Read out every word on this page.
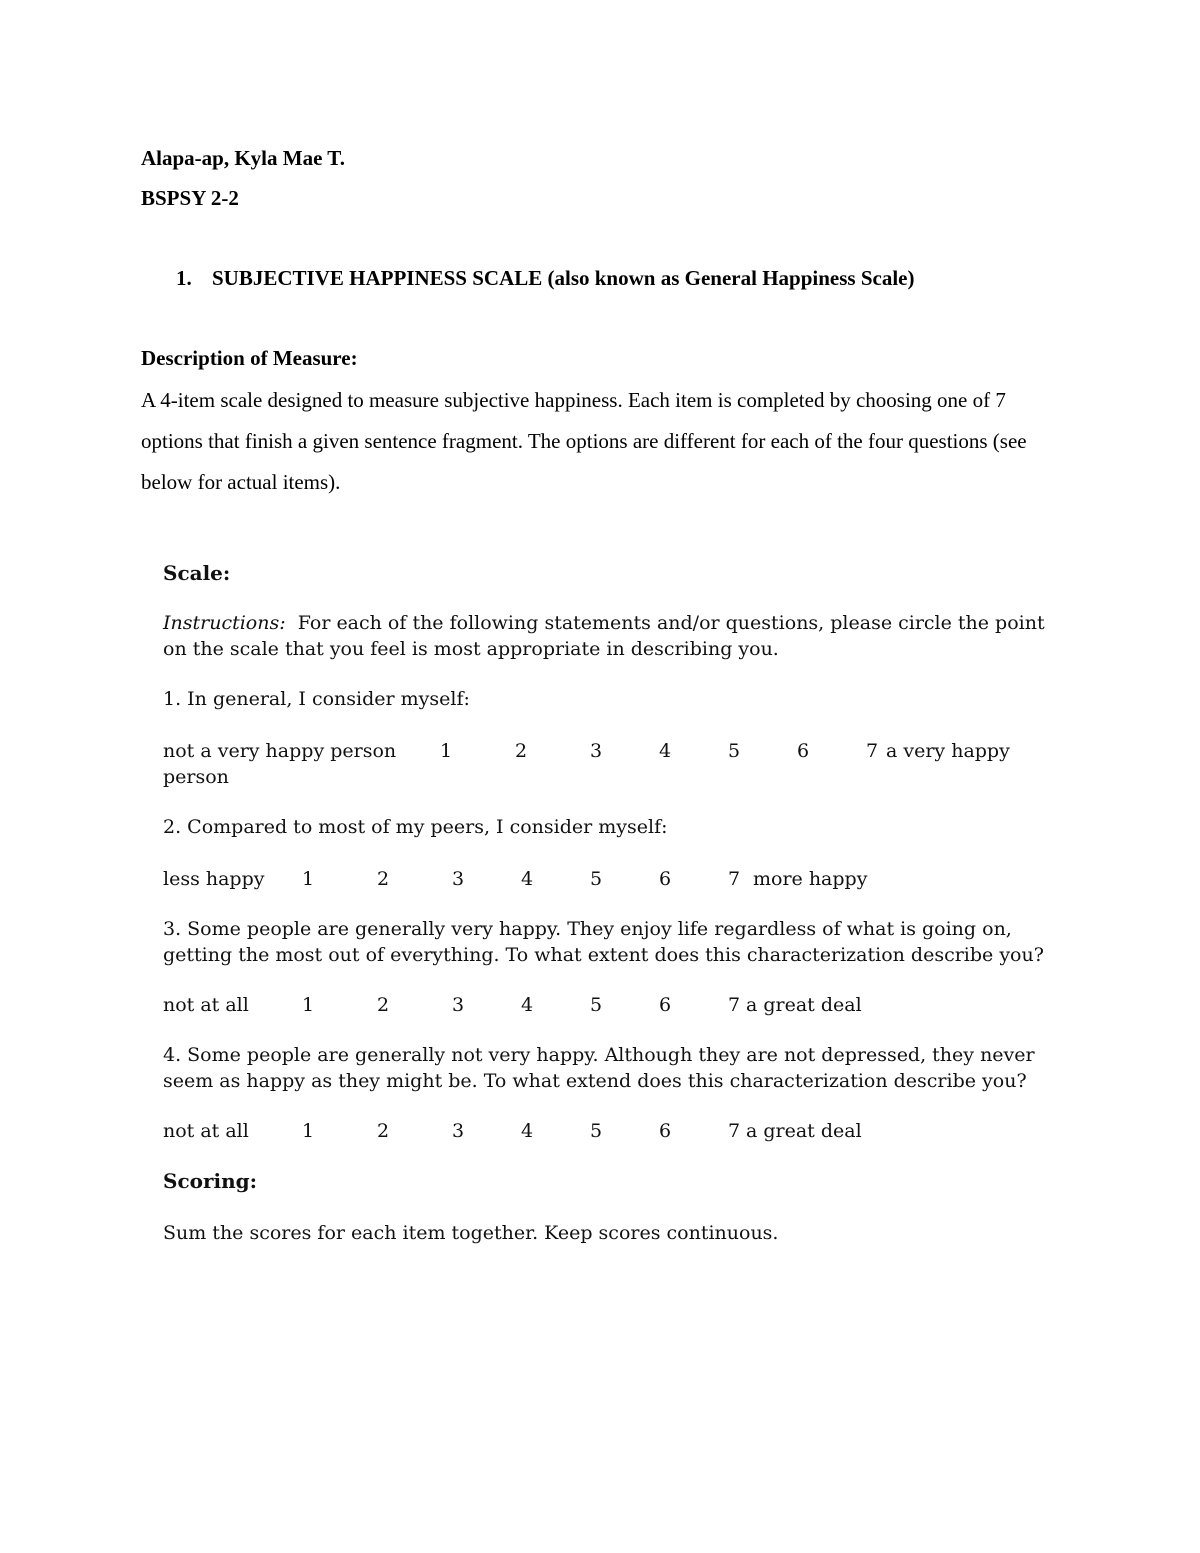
Alapa-ap, Kyla Mae T.
BSPSY 2-2
1. SUBJECTIVE HAPPINESS SCALE (also known as General Happiness Scale)
Description of Measure:
A 4-item scale designed to measure subjective happiness. Each item is completed by choosing one of 7 options that finish a given sentence fragment. The options are different for each of the four questions (see below for actual items).
Scale:
Instructions: For each of the following statements and/or questions, please circle the point on the scale that you feel is most appropriate in describing you.
1. In general, I consider myself:
not a very happy person 1	2	3	4	5	6	7 a very happy
person
2. Compared to most of my peers, I consider myself:
less happy 1	2	3	4	5	6	7 more happy
3. Some people are generally very happy. They enjoy life regardless of what is going on, getting the most out of everything. To what extent does this characterization describe you?
not at all	1	2	3	4	5	6	7 a great deal
4. Some people are generally not very happy. Although they are not depressed, they never seem as happy as they might be. To what extend does this characterization describe you?
not at all	1	2	3	4	5	6	7 a great deal
Scoring:
Sum the scores for each item together. Keep scores continuous.
